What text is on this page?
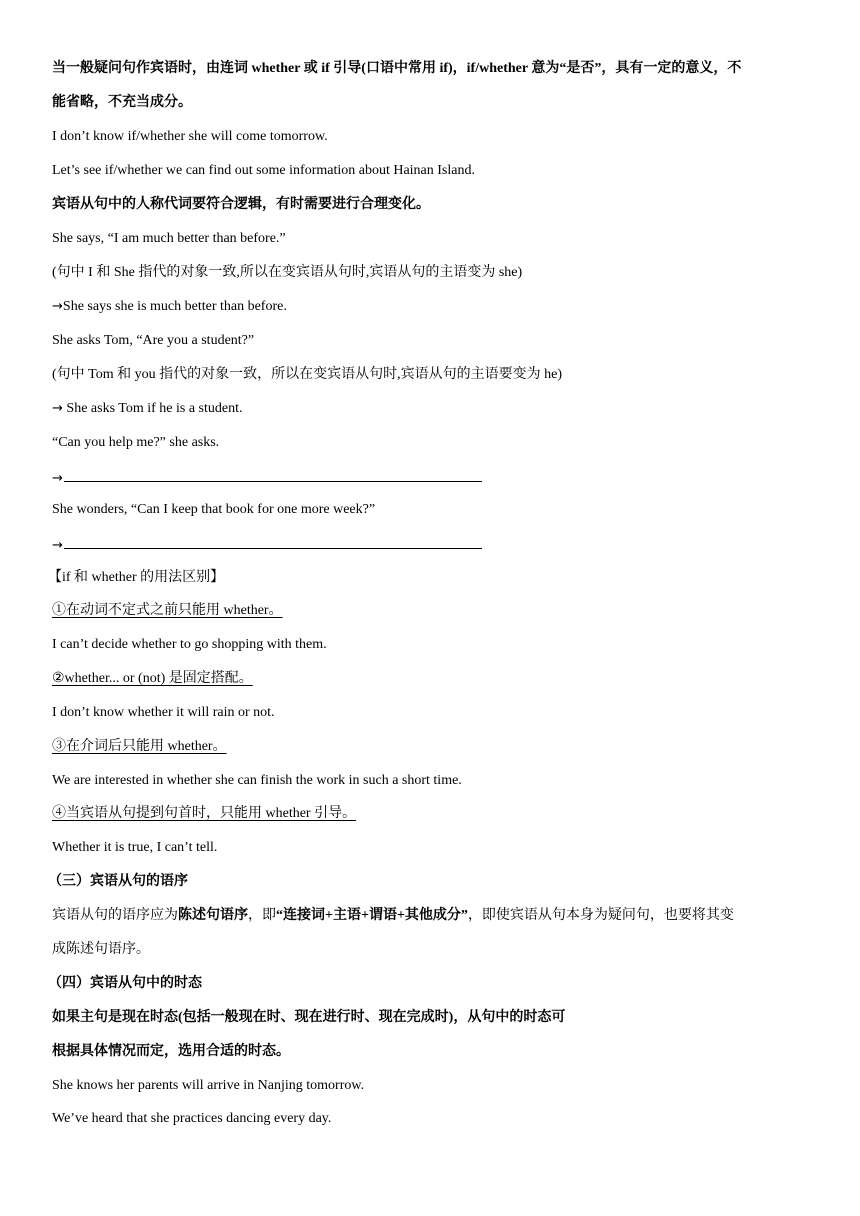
当一般疑问句作宾语时，由连词 whether 或 if 引导(口语中常用 if)，if/whether 意为“是否”，具有一定的意义，不
能省略，不充当成分。
I don’t know if/whether she will come tomorrow.
Let’s see if/whether we can find out some information about Hainan Island.
宾语从句中的人称代词要符合逻辑，有时需要进行合理变化。
She says, “I am much better than before.”
(句中 I 和 She 指代的对象一致,所以在变宾语从句时,宾语从句的主语变为 she)
→She says she is much better than before.
She asks Tom, “Are you a student?”
(句中 Tom 和 you 指代的对象一致，所以在变宾语从句时,宾语从句的主语要变为 he)
→ She asks Tom if he is a student.
“Can you help me?” she asks.
→
She wonders, “Can I keep that book for one more week?”
→
【if 和 whether 的用法区别】
①在动词不定式之前只能用 whether。
I can’t decide whether to go shopping with them.
②whether... or (not) 是固定搭配。
I don’t know whether it will rain or not.
③在介词后只能用 whether。
We are interested in whether she can finish the work in such a short time.
④当宾语从句提到句首时，只能用 whether 引导。
Whether it is true, I can’t tell.
（三）宾语从句的语序
宾语从句的语序应为陈述句语序，即“连接词+主语+谓语+其他成分”，即使宾语从句本身为疑问句，也要将其变
成陈述句语序。
（四）宾语从句中的时态
如果主句是现在时态(包括一般现在时、现在进行时、现在完成时)，从句中的时态可
根据具体情况而定，选用合适的时态。
She knows her parents will arrive in Nanjing tomorrow.
We’ve heard that she practices dancing every day.
